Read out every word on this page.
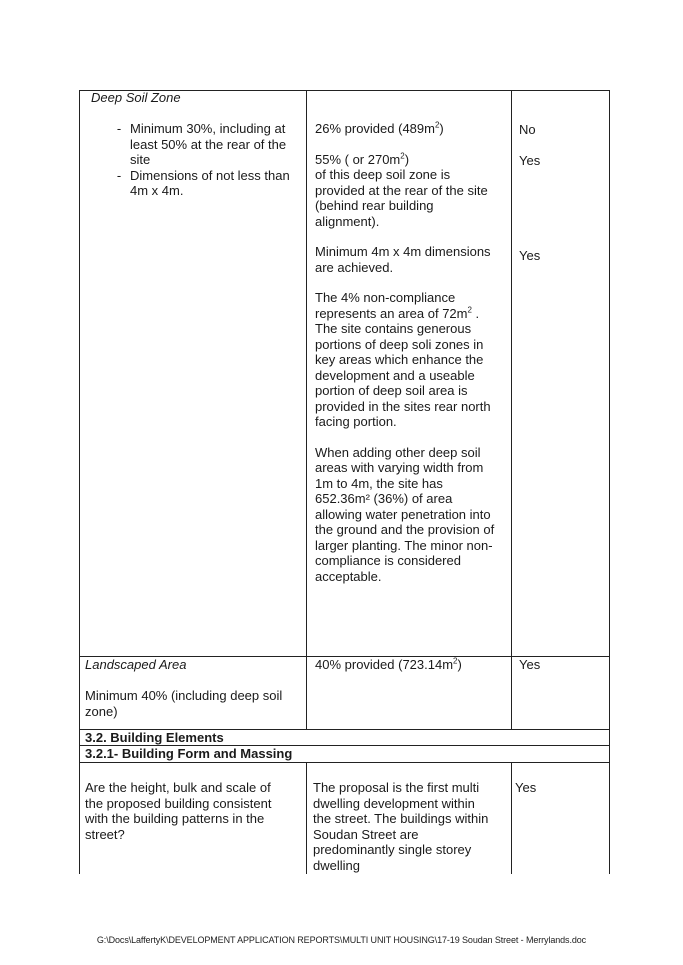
Deep Soil Zone
- Minimum 30%, including at least 50% at the rear of the site
- Dimensions of not less than 4m x 4m.

26% provided $(489m^2)$

55% ( or $270m^2$)
of this deep soil zone is provided at the rear of the site (behind rear building alignment).

Minimum 4m x 4m dimensions are achieved.

The 4% non-compliance represents an area of $72m^2$ . The site contains generous portions of deep soli zones in key areas which enhance the development and a useable portion of deep soil area is provided in the sites rear north facing portion.

When adding other deep soil areas with varying width from 1m to 4m, the site has 652.36m² (36%) of area allowing water penetration into the ground and the provision of larger planting. The minor non-compliance is considered acceptable.

No
Yes
Yes
Landscaped Area
Minimum 40% (including deep soil zone)
40% provided $(723.14m^2)$	Yes
3.2. Building Elements
3.2.1- Building Form and Massing
Are the height, bulk and scale of the proposed building consistent with the building patterns in the street?
The proposal is the first multi dwelling development within the street. The buildings within Soudan Street are predominantly single storey dwelling
Yes
G:\Docs\LaffertyK\DEVELOPMENT APPLICATION REPORTS\MULTI UNIT HOUSING\17-19 Soudan Street - Merrylands.doc
